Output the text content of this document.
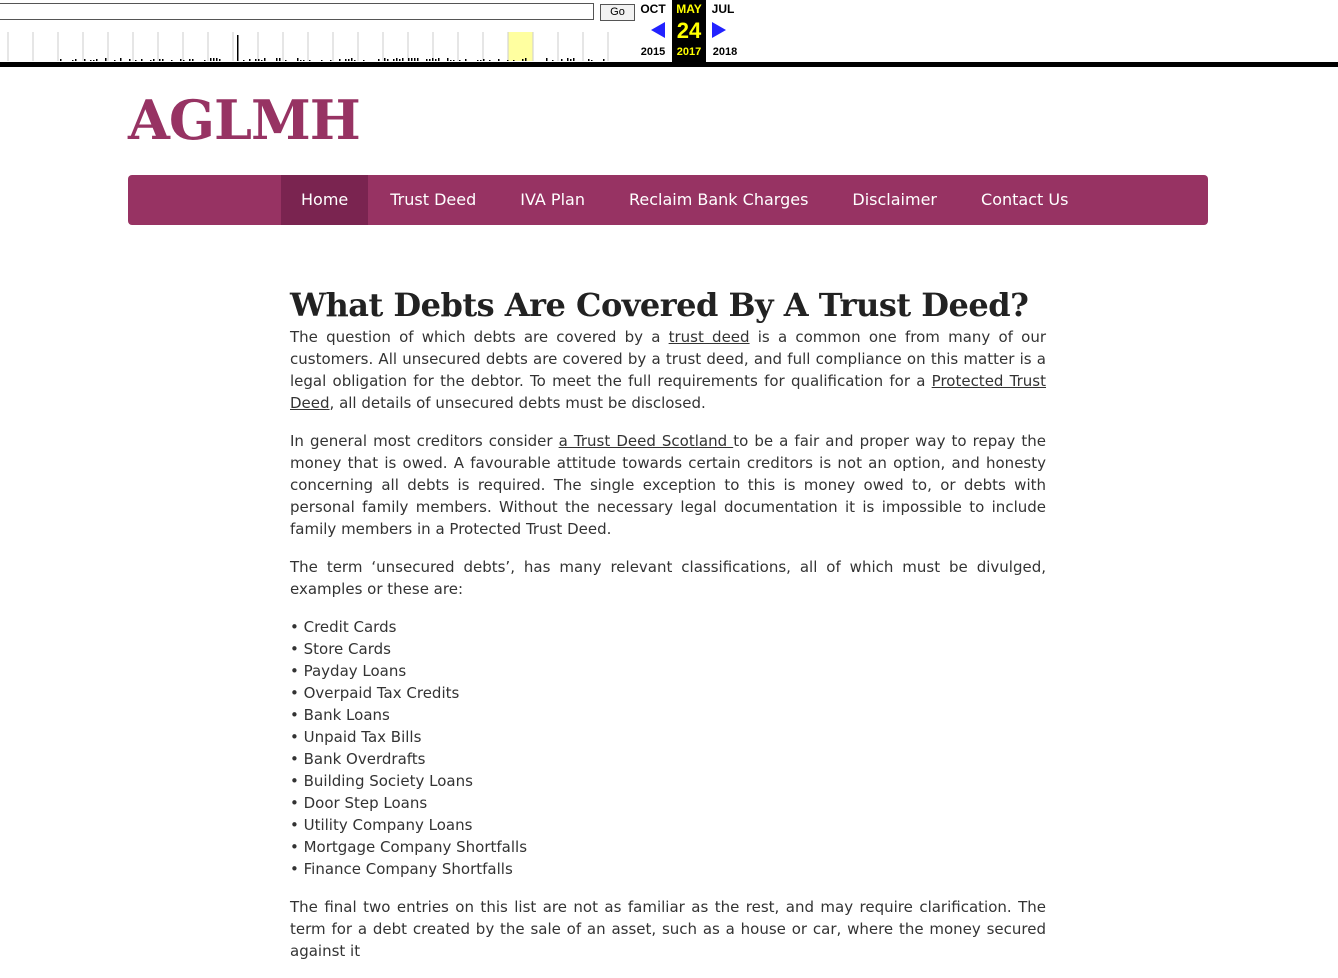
Go	OCT	JUL
2015	2018
MAY
24
2017
AGLMH
Home	Trust Deed	IVA Plan	Reclaim Bank Charges	Disclaimer	Contact Us
What Debts Are Covered By A Trust Deed?

The question of which debts are covered by a trust deed is a common one from many of our customers. All unsecured debts are covered by a trust deed, and full compliance on this matter is a legal obligation for the debtor. To meet the full requirements for qualification for a Protected Trust Deed, all details of unsecured debts must be disclosed.

In general most creditors consider a Trust Deed Scotland to be a fair and proper way to repay the money that is owed. A favourable attitude towards certain creditors is not an option, and honesty concerning all debts is required. The single exception to this is money owed to, or debts with personal family members. Without the necessary legal documentation it is impossible to include family members in a Protected Trust Deed.

The term ‘unsecured debts’, has many relevant classifications, all of which must be divulged, examples or these are:

• Credit Cards
• Store Cards
• Payday Loans
• Overpaid Tax Credits
• Bank Loans
• Unpaid Tax Bills
• Bank Overdrafts
• Building Society Loans
• Door Step Loans
• Utility Company Loans
• Mortgage Company Shortfalls
• Finance Company Shortfalls

The final two entries on this list are not as familiar as the rest, and may require clarification. The term for a debt created by the sale of an asset, such as a house or car, where the money secured against it
